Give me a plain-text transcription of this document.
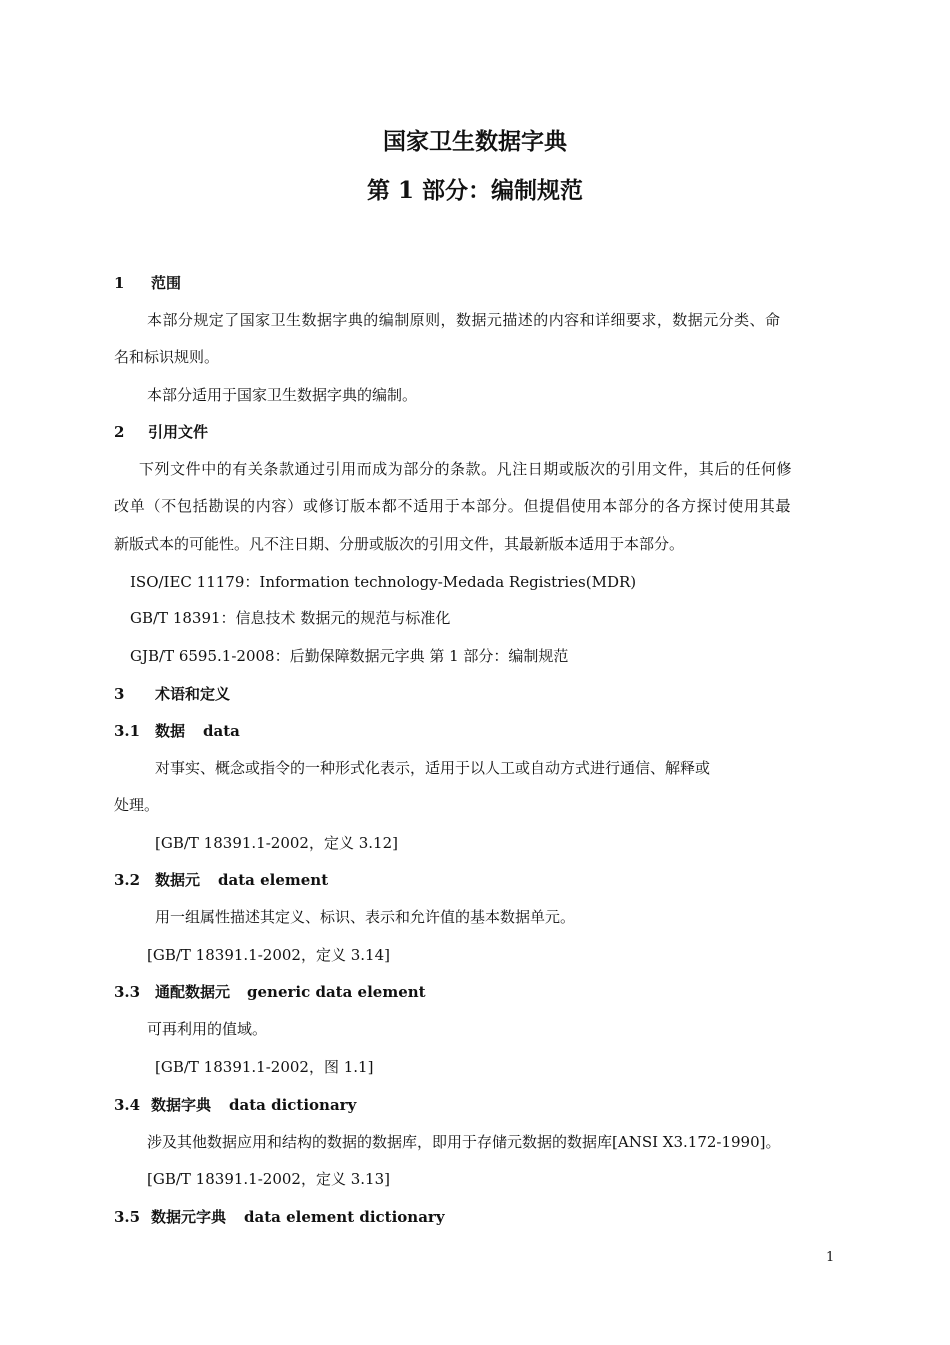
国家卫生数据字典
第 1 部分：编制规范
1 范围
本部分规定了国家卫生数据字典的编制原则，数据元描述的内容和详细要求，数据元分类、命
名和标识规则。
本部分适用于国家卫生数据字典的编制。
2 引用文件
下列文件中的有关条款通过引用而成为部分的条款。凡注日期或版次的引用文件，其后的任何修
改单（不包括勘误的内容）或修订版本都不适用于本部分。但提倡使用本部分的各方探讨使用其最
新版式本的可能性。凡不注日期、分册或版次的引用文件，其最新版本适用于本部分。
ISO/IEC 11179：Information technology-Medada Registries(MDR)
GB/T 18391：信息技术 数据元的规范与标准化
GJB/T 6595.1-2008：后勤保障数据元字典 第 1 部分：编制规范
3 术语和定义
3.1 数据 data
对事实、概念或指令的一种形式化表示，适用于以人工或自动方式进行通信、解释或
处理。
[GB/T 18391.1-2002，定义 3.12]
3.2 数据元 data element
用一组属性描述其定义、标识、表示和允许值的基本数据单元。
[GB/T 18391.1-2002，定义 3.14]
3.3 通配数据元 generic data element
可再利用的值域。
[GB/T 18391.1-2002，图 1.1]
3.4 数据字典 data dictionary
涉及其他数据应用和结构的数据的数据库，即用于存储元数据的数据库[ANSI X3.172-1990]。
[GB/T 18391.1-2002，定义 3.13]
3.5 数据元字典 data element dictionary
1
